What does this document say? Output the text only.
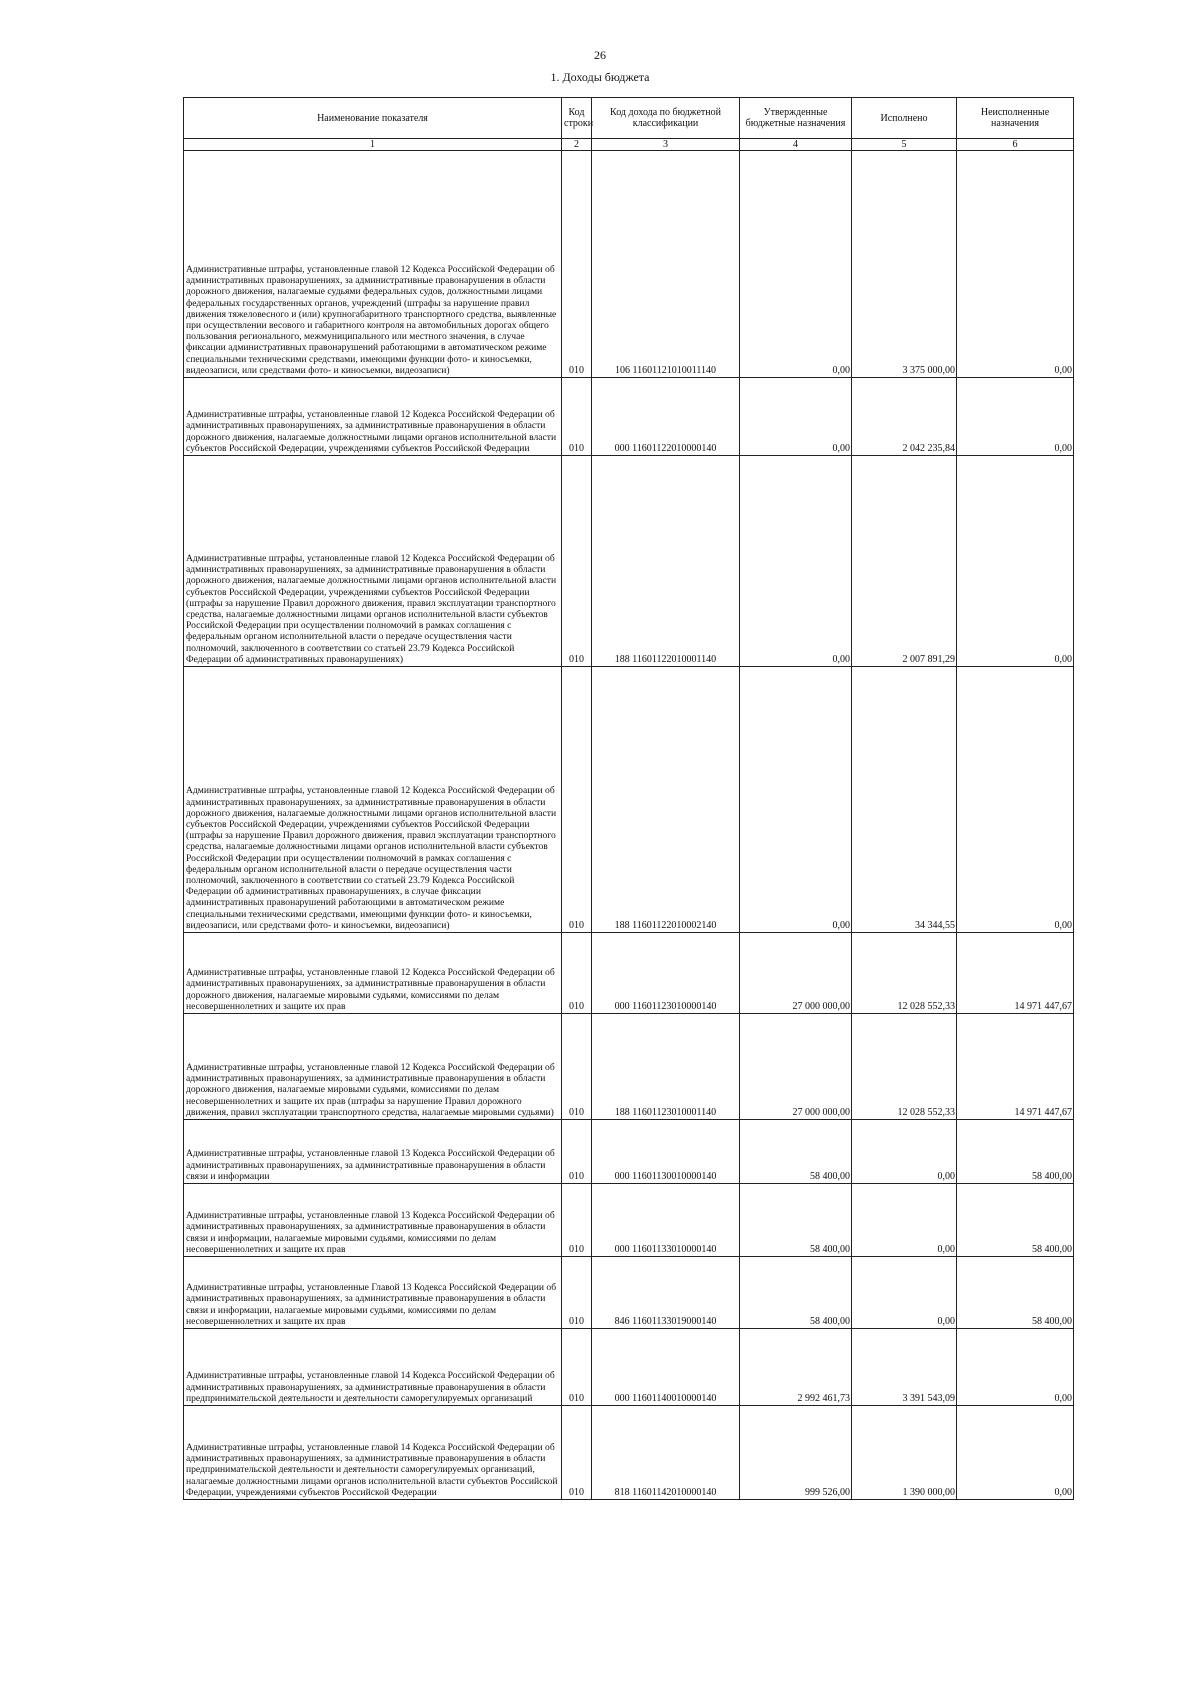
26
1. Доходы бюджета
Наименование показателя	Код строки	Код дохода по бюджетной классификации	Утвержденные бюджетные назначения	Исполнено	Неисполненные назначения
1	2	3	4	5	6
Административные штрафы, установленные главой 12 Кодекса Российской Федерации об административных правонарушениях, за административные правонарушения в области дорожного движения, налагаемые судьями федеральных судов, должностными лицами федеральных государственных органов, учреждений (штрафы за нарушение правил движения тяжеловесного и (или) крупногабаритного транспортного средства, выявленные при осуществлении весового и габаритного контроля на автомобильных дорогах общего пользования регионального, межмуниципального или местного значения, в случае фиксации административных правонарушений работающими в автоматическом режиме специальными техническими средствами, имеющими функции фото- и киносъемки, видеозаписи, или средствами фото- и киносъемки, видеозаписи)	010	106 11601121010011140	0,00	3 375 000,00	0,00
Административные штрафы, установленные главой 12 Кодекса Российской Федерации об административных правонарушениях, за административные правонарушения в области дорожного движения, налагаемые должностными лицами органов исполнительной власти субъектов Российской Федерации, учреждениями субъектов Российской Федерации	010	000 11601122010000140	0,00	2 042 235,84	0,00
Административные штрафы, установленные главой 12 Кодекса Российской Федерации об административных правонарушениях, за административные правонарушения в области дорожного движения, налагаемые должностными лицами органов исполнительной власти субъектов Российской Федерации, учреждениями субъектов Российской Федерации (штрафы за нарушение Правил дорожного движения, правил эксплуатации транспортного средства, налагаемые должностными лицами органов исполнительной власти субъектов Российской Федерации при осуществлении полномочий в рамках соглашения с федеральным органом исполнительной власти о передаче осуществления части полномочий, заключенного в соответствии со статьей 23.79 Кодекса Российской Федерации об административных правонарушениях)	010	188 11601122010001140	0,00	2 007 891,29	0,00
Административные штрафы, установленные главой 12 Кодекса Российской Федерации об административных правонарушениях, за административные правонарушения в области дорожного движения, налагаемые должностными лицами органов исполнительной власти субъектов Российской Федерации, учреждениями субъектов Российской Федерации (штрафы за нарушение Правил дорожного движения, правил эксплуатации транспортного средства, налагаемые должностными лицами органов исполнительной власти субъектов Российской Федерации при осуществлении полномочий в рамках соглашения с федеральным органом исполнительной власти о передаче осуществления части полномочий, заключенного в соответствии со статьей 23.79 Кодекса Российской Федерации об административных правонарушениях, в случае фиксации административных правонарушений работающими в автоматическом режиме специальными техническими средствами, имеющими функции фото- и киносъемки, видеозаписи, или средствами фото- и киносъемки, видеозаписи)	010	188 11601122010002140	0,00	34 344,55	0,00
Административные штрафы, установленные главой 12 Кодекса Российской Федерации об административных правонарушениях, за административные правонарушения в области дорожного движения, налагаемые мировыми судьями, комиссиями по делам несовершеннолетних и защите их прав	010	000 11601123010000140	27 000 000,00	12 028 552,33	14 971 447,67
Административные штрафы, установленные главой 12 Кодекса Российской Федерации об административных правонарушениях, за административные правонарушения в области дорожного движения, налагаемые мировыми судьями, комиссиями по делам несовершеннолетних и защите их прав (штрафы за нарушение Правил дорожного движения, правил эксплуатации транспортного средства, налагаемые мировыми судьями)	010	188 11601123010001140	27 000 000,00	12 028 552,33	14 971 447,67
Административные штрафы, установленные главой 13 Кодекса Российской Федерации об административных правонарушениях, за административные правонарушения в области связи и информации	010	000 11601130010000140	58 400,00	0,00	58 400,00
Административные штрафы, установленные главой 13 Кодекса Российской Федерации об административных правонарушениях, за административные правонарушения в области связи и информации, налагаемые мировыми судьями, комиссиями по делам несовершеннолетних и защите их прав	010	000 11601133010000140	58 400,00	0,00	58 400,00
Административные штрафы, установленные Главой 13 Кодекса Российской Федерации об административных правонарушениях, за административные правонарушения в области связи и информации, налагаемые мировыми судьями, комиссиями по делам несовершеннолетних и защите их прав	010	846 11601133019000140	58 400,00	0,00	58 400,00
Административные штрафы, установленные главой 14 Кодекса Российской Федерации об административных правонарушениях, за административные правонарушения в области предпринимательской деятельности и деятельности саморегулируемых организаций	010	000 11601140010000140	2 992 461,73	3 391 543,09	0,00
Административные штрафы, установленные главой 14 Кодекса Российской Федерации об административных правонарушениях, за административные правонарушения в области предпринимательской деятельности и деятельности саморегулируемых организаций, налагаемые должностными лицами органов исполнительной власти субъектов Российской Федерации, учреждениями субъектов Российской Федерации	010	818 11601142010000140	999 526,00	1 390 000,00	0,00
